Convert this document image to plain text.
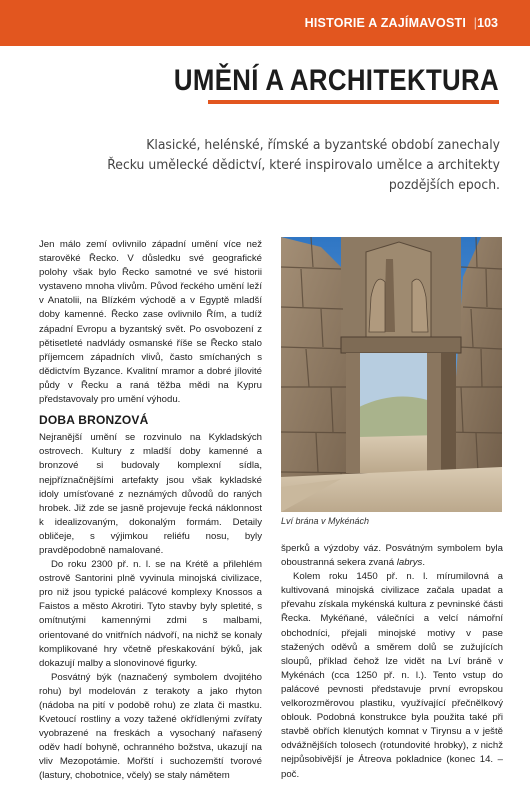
HISTORIE A ZAJÍMAVOSTI | 103
UMĚNÍ A ARCHITEKTURA
Klasické, helénské, římské a byzantské období zanechaly Řecku umělecké dědictví, které inspirovalo umělce a architekty pozdějších epoch.

Jen málo zemí ovlivnilo západní umění více než starověké Řecko. V důsledku své geografické polohy však bylo Řecko samotné ve své historii vystaveno mnoha vlivům. Původ řeckého umění leží v Anatolii, na Blízkém východě a v Egyptě mladší doby kamenné. Řecko zase ovlivnilo Řím, a tudíž západní Evropu a byzantský svět. Po osvobození z pětisetleté nadvlády osmanské říše se Řecko stalo příjemcem západních vlivů, často smíchaných s dědictvím Byzance. Kvalitní mramor a dobré jílovité půdy v Řecku a raná těžba mědi na Kypru představovaly pro umění výhodu.

DOBA BRONZOVÁ

Nejranější umění se rozvinulo na Kykladských ostrovech. Kultury z mladší doby kamenné a bronzové si budovaly komplexní sídla, nejpříznačnějšími artefakty jsou však kykladské idoly umísťované z neznámých důvodů do raných hrobek. Již zde se jasně projevuje řecká náklonnost k idealizovaným, dokonalým formám. Detaily obličeje, s výjimkou reliéfu nosu, byly pravděpodobně namalované.

Do roku 2300 př. n. l. se na Krétě a přilehlém ostrově Santorini plně vyvinula minojská civilizace, pro niž jsou typické palácové komplexy Knossos a Faistos a město Akrotiri. Tyto stavby byly spletité, s omítnutými kamennými zdmi s malbami, orientované do vnitřních nádvoří, na nichž se konaly komplikované hry včetně přeskakování býků, jak dokazují malby a slonovinové figurky.

Posvátný býk (naznačený symbolem dvojitého rohu) byl modelován z terakoty a jako rhyton (nádoba na pití v podobě rohu) ze zlata či mastku. Kvetoucí rostliny a vozy tažené okřídlenými zvířaty vyobrazené na freskách a vysochaný nařasený oděv hadí bohyně, ochranného božstva, ukazují na vliv Mezopotámie. Mořští i suchozemští tvorové (lastury, chobotnice, včely) se staly námětem

Lví brána v Mykénách

šperků a výzdoby váz. Posvátným symbolem byla oboustranná sekera zvaná labrys.

Kolem roku 1450 př. n. l. mírumilovná a kultivovaná minojská civilizace začala upadat a převahu získala mykénská kultura z pevninské části Řecka. Mykéňané, válečníci a velcí námořní obchodníci, přejali minojské motivy v pase stažených oděvů a směrem dolů se zužujících sloupů, příklad čehož lze vidět na Lví bráně v Mykénách (cca 1250 př. n. l.). Tento vstup do palácové pevnosti představuje první evropskou velkorozměrovou plastiku, využívající přečnělkový oblouk. Podobná konstrukce byla použita také při stavbě obřích klenutých komnat v Tirynsu a v ještě odvážnějších tolosech (rotundovité hrobky), z nichž nejpůsobivější je Átreova pokladnice (konec 14. – poč.
